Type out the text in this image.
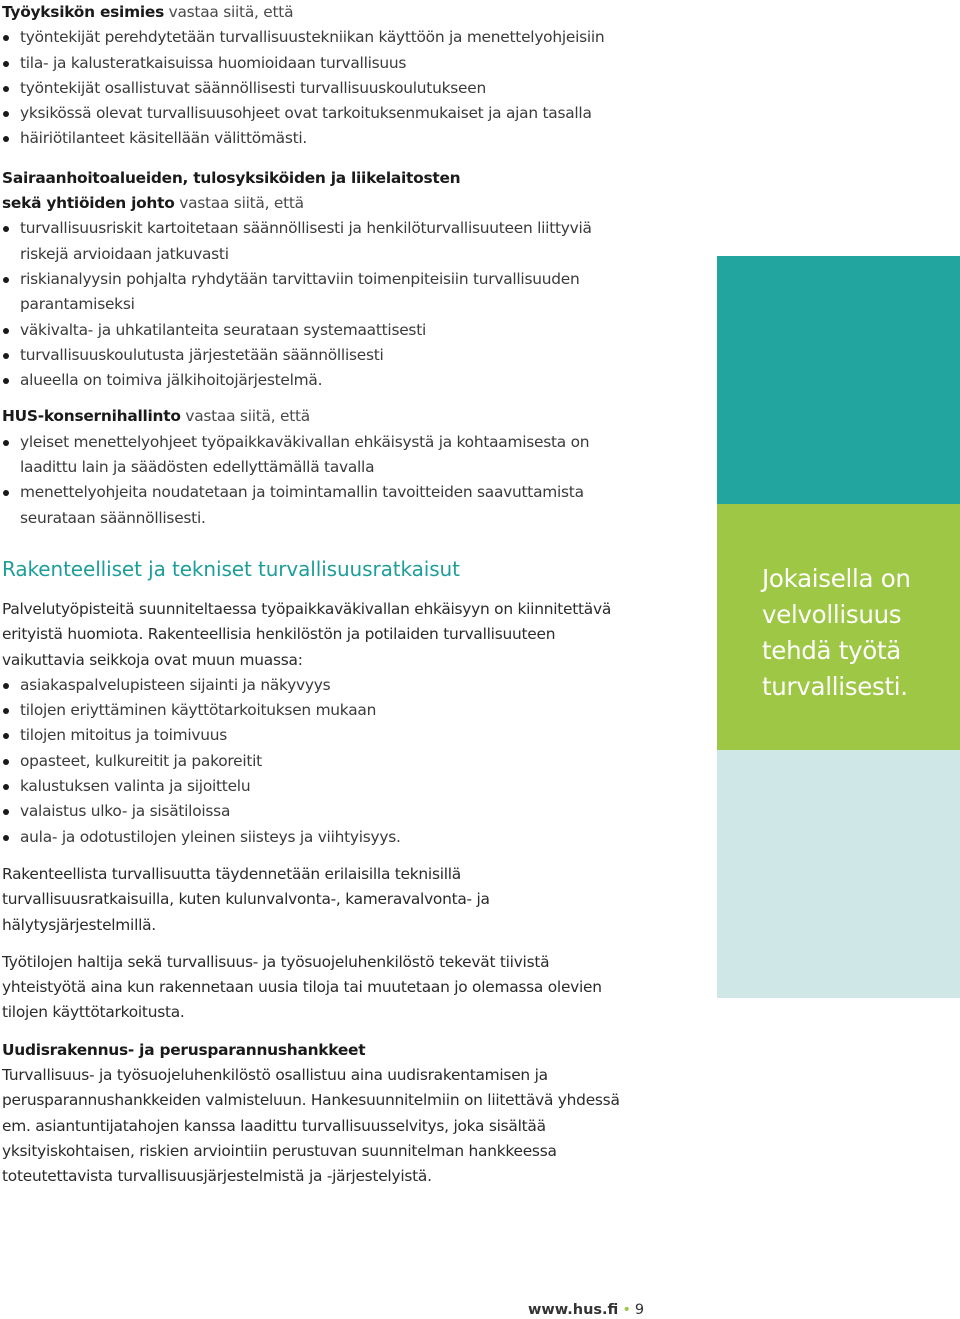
Työyksikön esimies vastaa siitä, että
työntekijät perehdytetään turvallisuustekniikan käyttöön ja menettelyohjeisiin
tila- ja kalusteratkaisuissa huomioidaan turvallisuus
työntekijät osallistuvat säännöllisesti turvallisuuskoulutukseen
yksikössä olevat turvallisuusohjeet ovat tarkoituksenmukaiset ja ajan tasalla
häiriötilanteet käsitellään välittömästi.
Sairaanhoitoalueiden, tulosyksiköiden ja liikelaitosten
sekä yhtiöiden johto vastaa siitä, että
turvallisuusriskit kartoitetaan säännöllisesti ja henkilöturvallisuuteen liittyviä riskejä arvioidaan jatkuvasti
riskianalyysin pohjalta ryhdytään tarvittaviin toimenpiteisiin turvallisuuden parantamiseksi
väkivalta- ja uhkatilanteita seurataan systemaattisesti
turvallisuuskoulutusta järjestetään säännöllisesti
alueella on toimiva jälkihoitojärjestelmä.
HUS-konsernihallinto vastaa siitä, että
yleiset menettelyohjeet työpaikkaväkivallan ehkäisystä ja kohtaamisesta on laadittu lain ja säädösten edellyttämällä tavalla
menettelyohjeita noudatetaan ja toimintamallin tavoitteiden saavuttamista seurataan säännöllisesti.
Rakenteelliset ja tekniset turvallisuusratkaisut

Palvelutyöpisteitä suunniteltaessa työpaikkaväkivallan ehkäisyyn on kiinnitettävä erityistä huomiota. Rakenteellisia henkilöstön ja potilaiden turvallisuuteen vaikuttavia seikkoja ovat muun muassa:

asiakaspalvelupisteen sijainti ja näkyvyys
tilojen eriyttäminen käyttötarkoituksen mukaan
tilojen mitoitus ja toimivuus
opasteet, kulkureitit ja pakoreitit
kalustuksen valinta ja sijoittelu
valaistus ulko- ja sisätiloissa
aula- ja odotustilojen yleinen siisteys ja viihtyisyys.

Rakenteellista turvallisuutta täydennetään erilaisilla teknisillä turvallisuusratkaisuilla, kuten kulunvalvonta-, kameravalvonta- ja hälytysjärjestelmillä.

Työtilojen haltija sekä turvallisuus- ja työsuojeluhenkilöstö tekevät tiivistä yhteistyötä aina kun rakennetaan uusia tiloja tai muutetaan jo olemassa olevien tilojen käyttötarkoitusta.

Uudisrakennus- ja perusparannushankkeet

Turvallisuus- ja työsuojeluhenkilöstö osallistuu aina uudisrakentamisen ja perusparannushankkeiden valmisteluun. Hankesuunnitelmiin on liitettävä yhdessä em. asiantuntijatahojen kanssa laadittu turvallisuusselvitys, joka sisältää yksityiskohtaisen, riskien arviointiin perustuvan suunnitelman hankkeessa toteutettavista turvallisuusjärjestelmistä ja -järjestelyistä.

Jokaisella on velvollisuus tehdä työtä turvallisesti.
www.hus.fi • 9
